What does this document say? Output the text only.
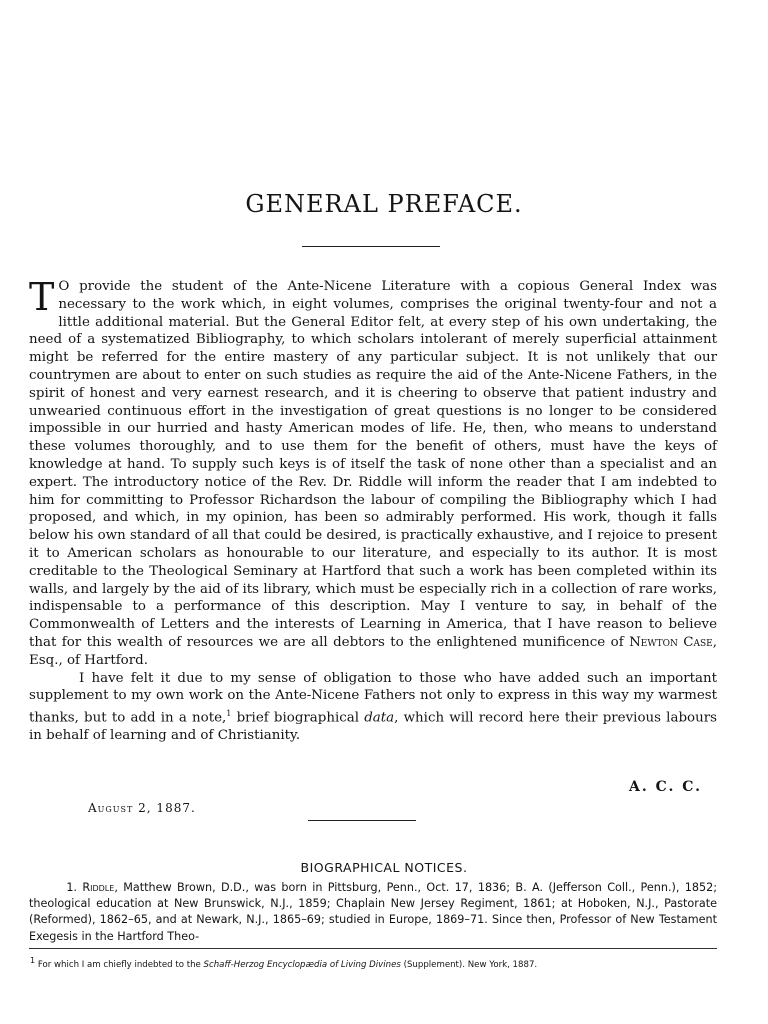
GENERAL PREFACE.

T O provide the student of the Ante-Nicene Literature with a copious General Index was necessary to the work which, in eight volumes, comprises the original twenty-four and not a little additional material. But the General Editor felt, at every step of his own undertaking, the need of a systematized Bibliography, to which scholars intolerant of merely superficial attainment might be referred for the entire mastery of any particular subject. It is not unlikely that our countrymen are about to enter on such studies as require the aid of the Ante-Nicene Fathers, in the spirit of honest and very earnest research, and it is cheering to observe that patient industry and unwearied continuous effort in the investigation of great questions is no longer to be considered impossible in our hurried and hasty American modes of life. He, then, who means to understand these volumes thoroughly, and to use them for the benefit of others, must have the keys of knowledge at hand. To supply such keys is of itself the task of none other than a specialist and an expert. The introductory notice of the Rev. Dr. Riddle will inform the reader that I am indebted to him for committing to Professor Richardson the labour of compiling the Bibliography which I had proposed, and which, in my opinion, has been so admirably performed. His work, though it falls below his own standard of all that could be desired, is practically exhaustive, and I rejoice to present it to American scholars as honourable to our literature, and especially to its author. It is most creditable to the Theological Seminary at Hartford that such a work has been completed within its walls, and largely by the aid of its library, which must be especially rich in a collection of rare works, indispensable to a performance of this description. May I venture to say, in behalf of the Commonwealth of Letters and the interests of Learning in America, that I have reason to believe that for this wealth of resources we are all debtors to the enlightened munificence of Newton Case, Esq., of Hartford.

I have felt it due to my sense of obligation to those who have added such an important supplement to my own work on the Ante-Nicene Fathers not only to express in this way my warmest thanks, but to add in a note,$^1$ brief biographical data, which will record here their previous labours in behalf of learning and of Christianity.

A. C. C.
August 2, 1887.
BIOGRAPHICAL NOTICES.
1. Riddle, Matthew Brown, D.D., was born in Pittsburg, Penn., Oct. 17, 1836; B. A. (Jefferson Coll., Penn.), 1852; theological education at New Brunswick, N.J., 1859; Chaplain New Jersey Regiment, 1861; at Hoboken, N.J., Pastorate (Reformed), 1862–65, and at Newark, N.J., 1865–69; studied in Europe, 1869–71. Since then, Professor of New Testament Exegesis in the Hartford Theo-
$^1$ For which I am chiefly indebted to the Schaff-Herzog Encyclopædia of Living Divines (Supplement). New York, 1887.
